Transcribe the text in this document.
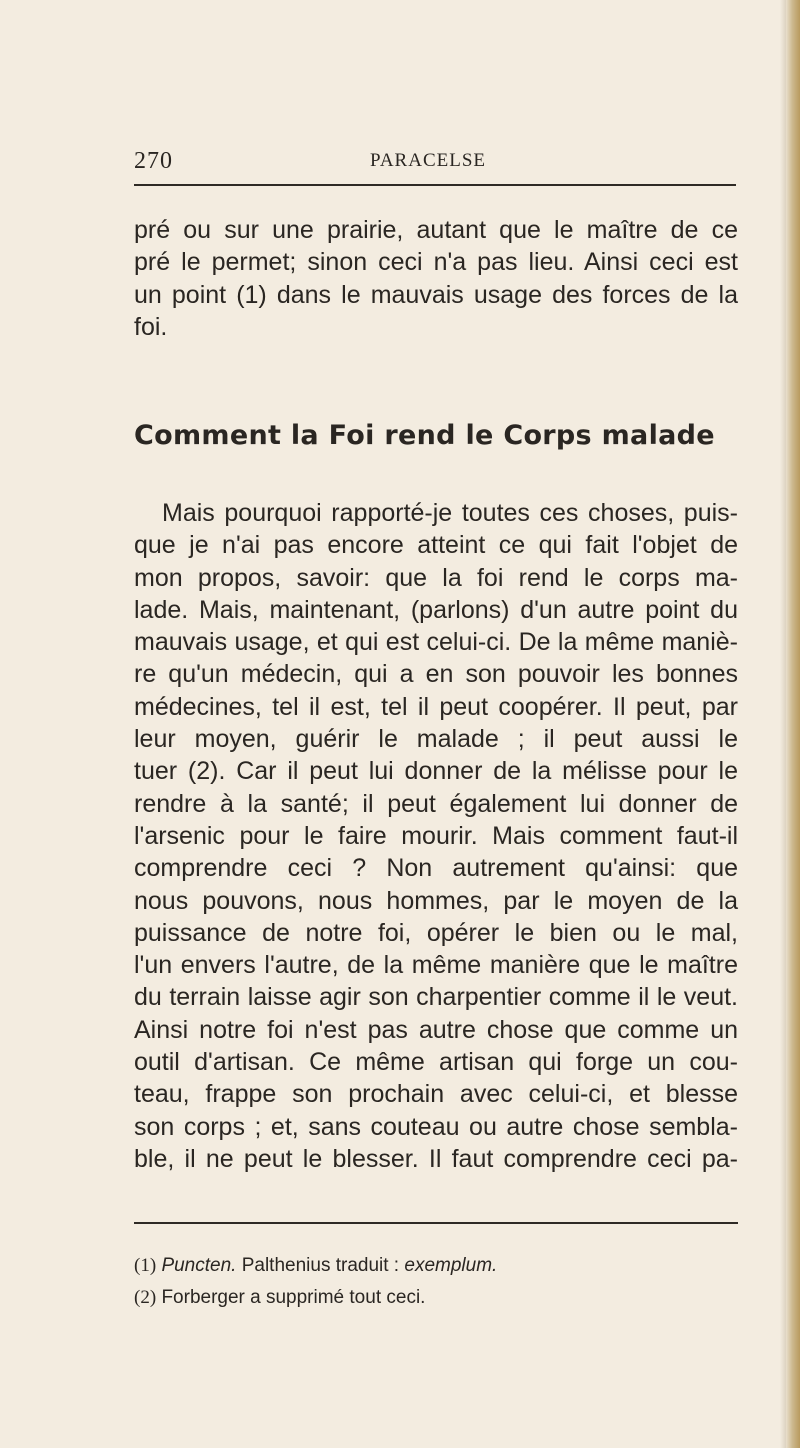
270	PARACELSE
pré ou sur une prairie, autant que le maître de ce
pré le permet; sinon ceci n'a pas lieu. Ainsi ceci est
un point (1) dans le mauvais usage des forces de la
foi.
Comment la Foi rend le Corps malade
Mais pourquoi rapporté-je toutes ces choses, puis-
que je n'ai pas encore atteint ce qui fait l'objet de
mon propos, savoir: que la foi rend le corps ma-
lade. Mais, maintenant, (parlons) d'un autre point du
mauvais usage, et qui est celui-ci. De la même maniè-
re qu'un médecin, qui a en son pouvoir les bonnes
médecines, tel il est, tel il peut coopérer. Il peut, par
leur moyen, guérir le malade ; il peut aussi le
tuer (2). Car il peut lui donner de la mélisse pour le
rendre à la santé; il peut également lui donner de
l'arsenic pour le faire mourir. Mais comment faut-il
comprendre ceci ? Non autrement qu'ainsi: que
nous pouvons, nous hommes, par le moyen de la
puissance de notre foi, opérer le bien ou le mal,
l'un envers l'autre, de la même manière que le maître
du terrain laisse agir son charpentier comme il le veut.
Ainsi notre foi n'est pas autre chose que comme un
outil d'artisan. Ce même artisan qui forge un cou-
teau, frappe son prochain avec celui-ci, et blesse
son corps ; et, sans couteau ou autre chose sembla-
ble, il ne peut le blesser. Il faut comprendre ceci pa-
(1) Puncten. Palthenius traduit : exemplum.
(2) Forberger a supprimé tout ceci.
